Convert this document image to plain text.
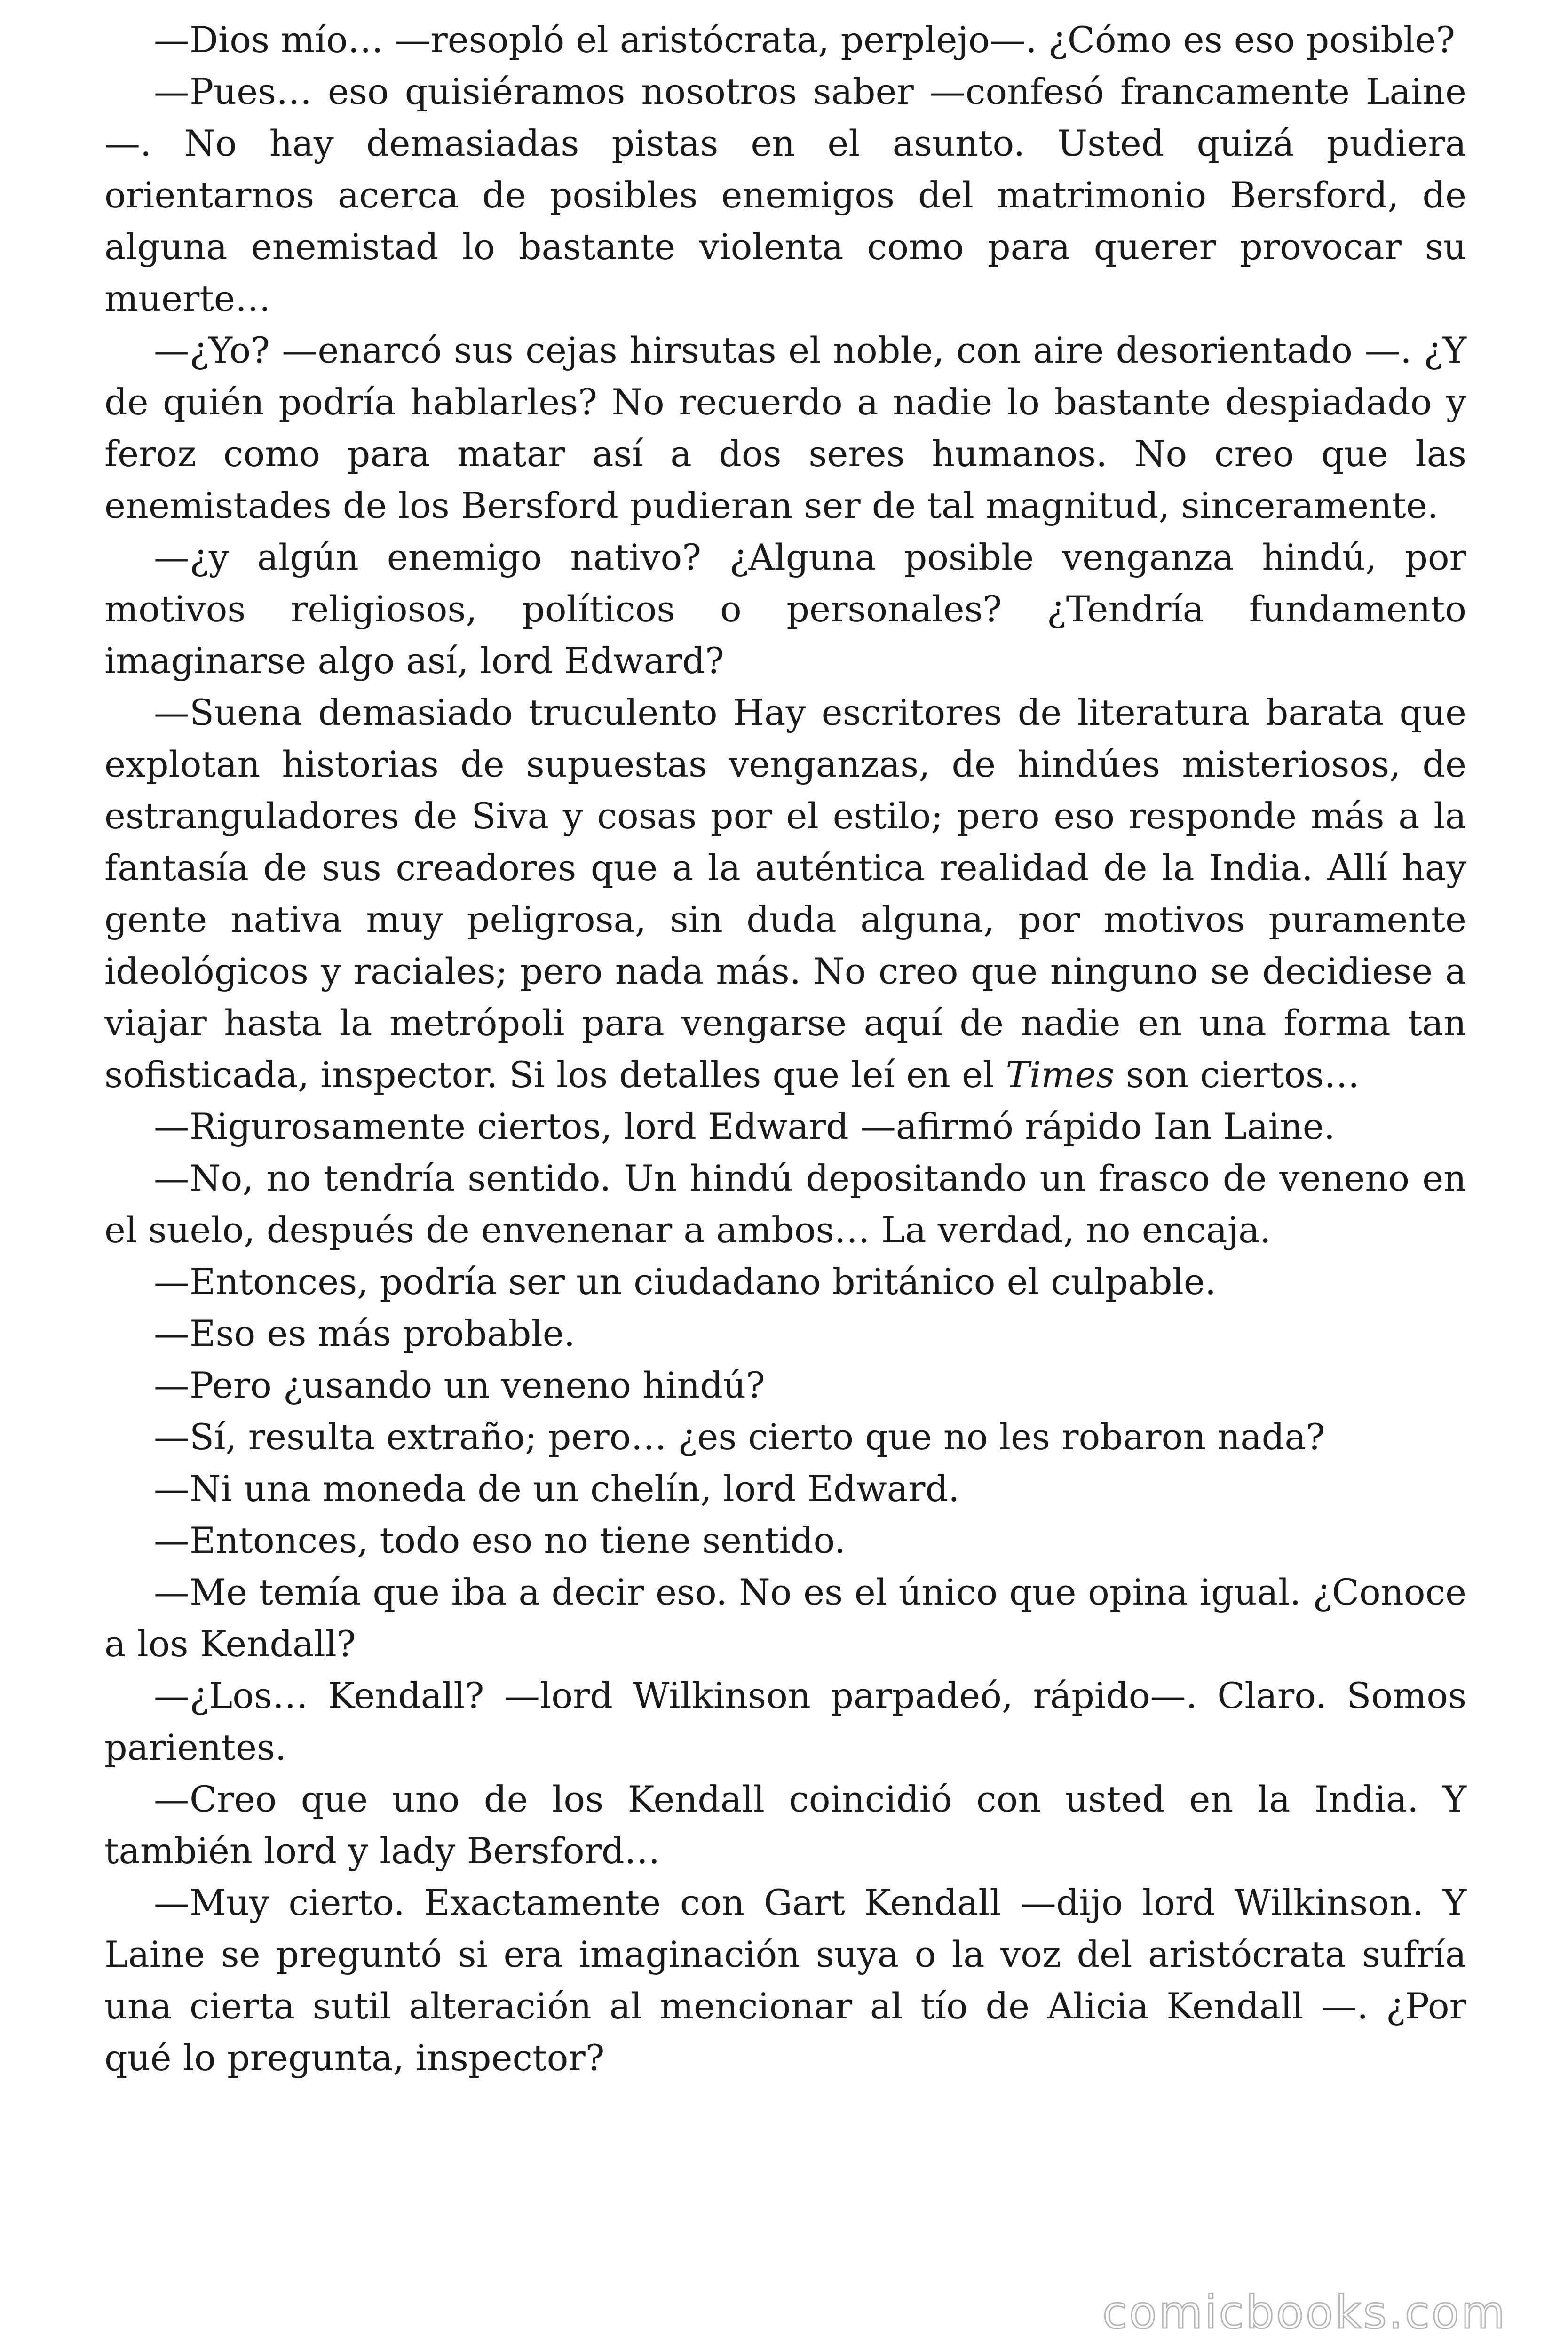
—Dios mío… —resopló el aristócrata, perplejo—. ¿Cómo es eso posible?

—Pues… eso quisiéramos nosotros saber —confesó francamente Laine—. No hay demasiadas pistas en el asunto. Usted quizá pudiera orientarnos acerca de posibles enemigos del matrimonio Bersford, de alguna enemistad lo bastante violenta como para querer provocar su muerte…

—¿Yo? —enarcó sus cejas hirsutas el noble, con aire desorientado —. ¿Y de quién podría hablarles? No recuerdo a nadie lo bastante despiadado y feroz como para matar así a dos seres humanos. No creo que las enemistades de los Bersford pudieran ser de tal magnitud, sinceramente.

—¿y algún enemigo nativo? ¿Alguna posible venganza hindú, por motivos religiosos, políticos o personales? ¿Tendría fundamento imaginarse algo así, lord Edward?

—Suena demasiado truculento Hay escritores de literatura barata que explotan historias de supuestas venganzas, de hindúes misteriosos, de estranguladores de Siva y cosas por el estilo; pero eso responde más a la fantasía de sus creadores que a la auténtica realidad de la India. Allí hay gente nativa muy peligrosa, sin duda alguna, por motivos puramente ideológicos y raciales; pero nada más. No creo que ninguno se decidiese a viajar hasta la metrópoli para vengarse aquí de nadie en una forma tan sofisticada, inspector. Si los detalles que leí en el Times son ciertos…

—Rigurosamente ciertos, lord Edward —afirmó rápido Ian Laine.

—No, no tendría sentido. Un hindú depositando un frasco de veneno en el suelo, después de envenenar a ambos… La verdad, no encaja.

—Entonces, podría ser un ciudadano británico el culpable.

—Eso es más probable.

—Pero ¿usando un veneno hindú?

—Sí, resulta extraño; pero… ¿es cierto que no les robaron nada?

—Ni una moneda de un chelín, lord Edward.

—Entonces, todo eso no tiene sentido.

—Me temía que iba a decir eso. No es el único que opina igual. ¿Conoce a los Kendall?

—¿Los… Kendall? —lord Wilkinson parpadeó, rápido—. Claro. Somos parientes.

—Creo que uno de los Kendall coincidió con usted en la India. Y también lord y lady Bersford…

—Muy cierto. Exactamente con Gart Kendall —dijo lord Wilkinson. Y Laine se preguntó si era imaginación suya o la voz del aristócrata sufría una cierta sutil alteración al mencionar al tío de Alicia Kendall —. ¿Por qué lo pregunta, inspector?

comicbooks.com
